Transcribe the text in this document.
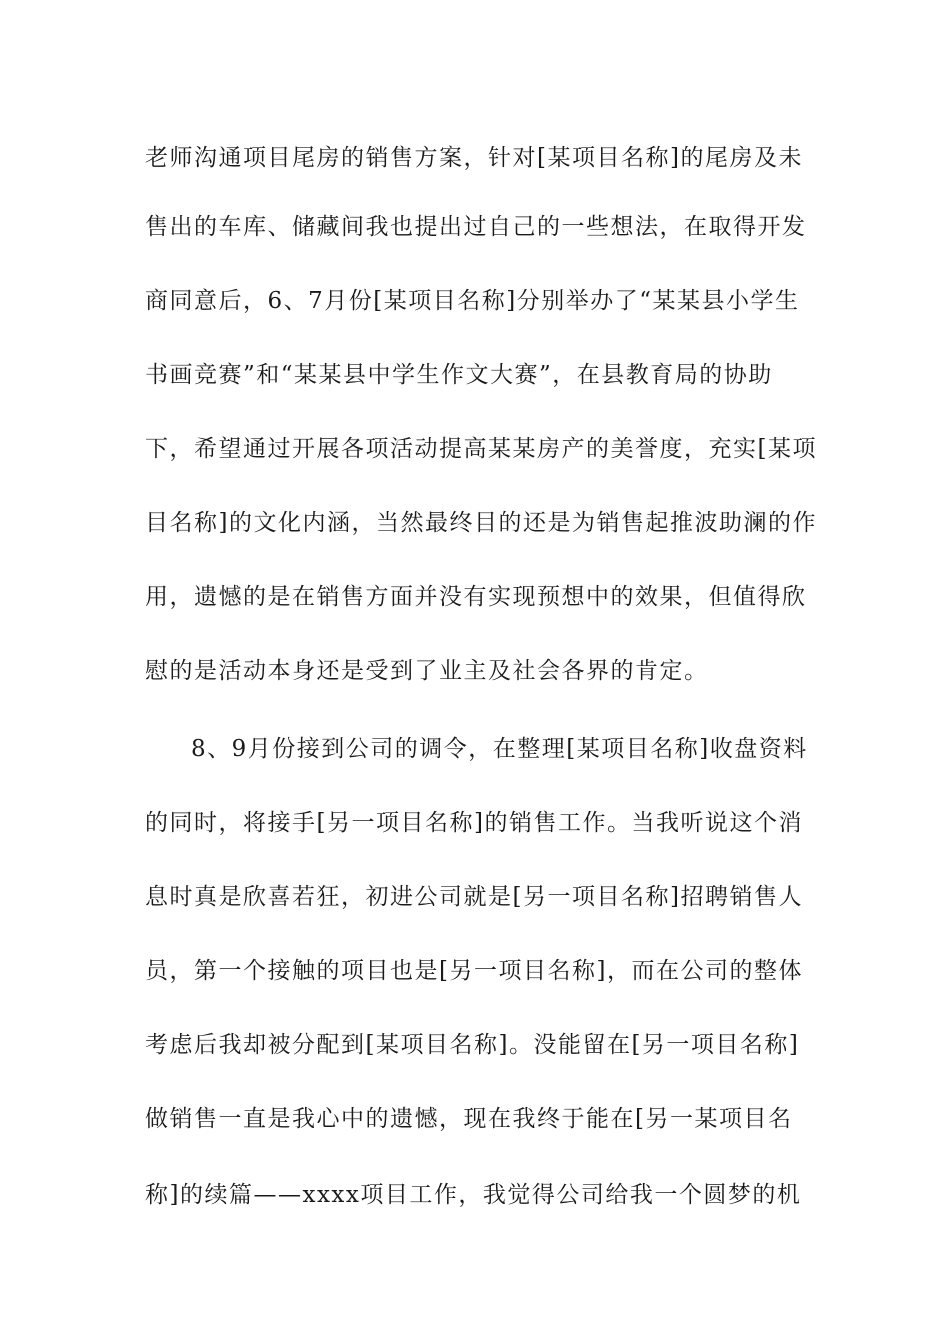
老师沟通项目尾房的销售方案，针对[某项目名称]的尾房及未
售出的车库、储藏间我也提出过自己的一些想法，在取得开发
商同意后，6、7月份[某项目名称]分别举办了“某某县小学生
书画竞赛”和“某某县中学生作文大赛”，在县教育局的协助
下，希望通过开展各项活动提高某某房产的美誉度，充实[某项
目名称]的文化内涵，当然最终目的还是为销售起推波助澜的作
用，遗憾的是在销售方面并没有实现预想中的效果，但值得欣
慰的是活动本身还是受到了业主及社会各界的肯定。
8、9月份接到公司的调令，在整理[某项目名称]收盘资料
的同时，将接手[另一项目名称]的销售工作。当我听说这个消
息时真是欣喜若狂，初进公司就是[另一项目名称]招聘销售人
员，第一个接触的项目也是[另一项目名称]，而在公司的整体
考虑后我却被分配到[某项目名称]。没能留在[另一项目名称]
做销售一直是我心中的遗憾，现在我终于能在[另一某项目名
称]的续篇——xxxx项目工作，我觉得公司给我一个圆梦的机
